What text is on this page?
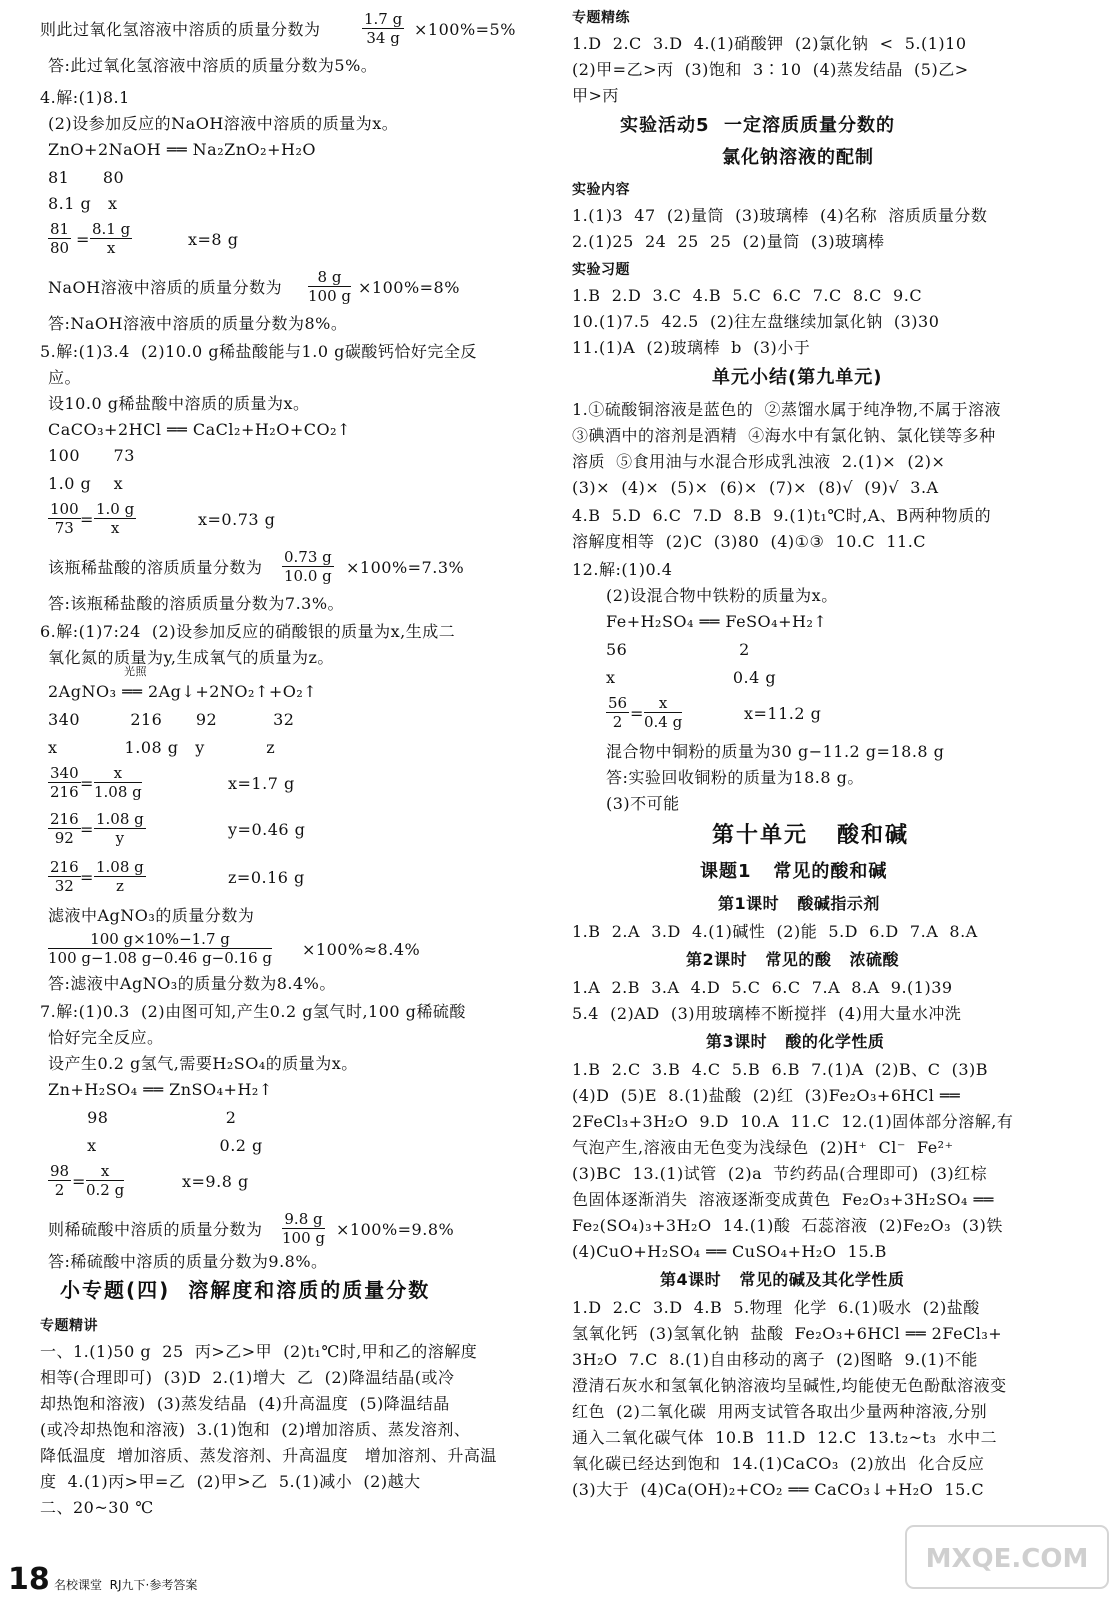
则此过氧化氢溶液中溶质的质量分数为	$\frac{1.7 g}{34 g} \times 100\%=5\%$
答:此过氧化氢溶液中溶质的质量分数为5%。
4.解:(1)8.1
(2)设参加反应的NaOH溶液中溶质的质量为x。
ZnO+2NaOH ══ Na₂ZnO₂+H₂O
81      80
8.1 g   x
$\frac{81}{80} = \frac{8.1 g}{x}$	x=8 g
NaOH溶液中溶质的质量分数为 $\frac{8 g}{100 g} \times 100\%=8\%$
答:NaOH溶液中溶质的质量分数为8%。
5.解:(1)3.4  (2)10.0 g稀盐酸能与1.0 g碳酸钙恰好完全反
应。
设10.0 g稀盐酸中溶质的质量为x。
CaCO₃+2HCl ══ CaCl₂+H₂O+CO₂↑
100      73
1.0 g    x
$\frac{100}{73} = \frac{1.0 g}{x}$	x=0.73 g
该瓶稀盐酸的溶质质量分数为 $\frac{0.73 g}{10.0 g} \times 100\%=7.3\%$
答:该瓶稀盐酸的溶质质量分数为7.3%。
6.解:(1)7:24  (2)设参加反应的硝酸银的质量为x,生成二
氧化氮的质量为y,生成氧气的质量为z。
光照
2AgNO₃ ══ 2Ag↓+2NO₂↑+O₂↑
340         216      92          32
x            1.08 g   y           z
$\frac{340}{216} = \frac{x}{1.08 g}$	x=1.7 g
$\frac{216}{92} = \frac{1.08 g}{y}$	y=0.46 g
$\frac{216}{32} = \frac{1.08 g}{z}$	z=0.16 g
滤液中AgNO₃的质量分数为
$\frac{100 g\times 10\%-1.7 g}{100 g-1.08 g-0.46 g-0.16 g} \times 100\%\approx 8.4\%$
答:滤液中AgNO₃的质量分数为8.4%。
7.解:(1)0.3  (2)由图可知,产生0.2 g氢气时,100 g稀硫酸
恰好完全反应。
设产生0.2 g氢气,需要H₂SO₄的质量为x。
Zn+H₂SO₄ ══ ZnSO₄+H₂↑
98                     2
x                      0.2 g
$\frac{98}{2} = \frac{x}{0.2 g}$	x=9.8 g
则稀硫酸中溶质的质量分数为 $\frac{9.8 g}{100 g} \times 100\%=9.8\%$
答:稀硫酸中溶质的质量分数为9.8%。
小专题(四)  溶解度和溶质的质量分数
专题精讲
一、1.(1)50 g  25  丙>乙>甲  (2)t₁℃时,甲和乙的溶解度
相等(合理即可)  (3)D  2.(1)增大  乙  (2)降温结晶(或冷
却热饱和溶液)  (3)蒸发结晶  (4)升高温度  (5)降温结晶
(或冷却热饱和溶液)  3.(1)饱和  (2)增加溶质、蒸发溶剂、
降低温度  增加溶质、蒸发溶剂、升高温度   增加溶剂、升高温
度  4.(1)丙>甲=乙  (2)甲>乙  5.(1)减小  (2)越大
二、20~30 ℃
专题精练
1.D  2.C  3.D  4.(1)硝酸钾  (2)氯化钠  <  5.(1)10
(2)甲=乙>丙  (3)饱和  3∶10  (4)蒸发结晶  (5)乙>
甲>丙
实验活动5  一定溶质质量分数的
氯化钠溶液的配制
实验内容
1.(1)3  47  (2)量筒  (3)玻璃棒  (4)名称  溶质质量分数
2.(1)25  24  25  25  (2)量筒  (3)玻璃棒
实验习题
1.B  2.D  3.C  4.B  5.C  6.C  7.C  8.C  9.C
10.(1)7.5  42.5  (2)往左盘继续加氯化钠  (3)30
11.(1)A  (2)玻璃棒  b  (3)小于
单元小结(第九单元)
1.①硫酸铜溶液是蓝色的  ②蒸馏水属于纯净物,不属于溶液
③碘酒中的溶剂是酒精  ④海水中有氯化钠、氯化镁等多种
溶质  ⑤食用油与水混合形成乳浊液  2.(1)×  (2)×
(3)×  (4)×  (5)×  (6)×  (7)×  (8)√  (9)√  3.A
4.B  5.D  6.C  7.D  8.B  9.(1)t₁℃时,A、B两种物质的
溶解度相等  (2)C  (3)80  (4)①③  10.C  11.C
12.解:(1)0.4
(2)设混合物中铁粉的质量为x。
Fe+H₂SO₄ ══ FeSO₄+H₂↑
56                    2
x                     0.4 g
$\frac{56}{2} = \frac{x}{0.4 g}$	x=11.2 g
混合物中铜粉的质量为30 g−11.2 g=18.8 g
答:实验回收铜粉的质量为18.8 g。
(3)不可能
第十单元   酸和碱
课题1   常见的酸和碱
第1课时   酸碱指示剂
1.B  2.A  3.D  4.(1)碱性  (2)能  5.D  6.D  7.A  8.A
第2课时   常见的酸   浓硫酸
1.A  2.B  3.A  4.D  5.C  6.C  7.A  8.A  9.(1)39
5.4  (2)AD  (3)用玻璃棒不断搅拌  (4)用大量水冲洗
第3课时   酸的化学性质
1.B  2.C  3.B  4.C  5.B  6.B  7.(1)A  (2)B、C  (3)B
(4)D  (5)E  8.(1)盐酸  (2)红  (3)Fe₂O₃+6HCl ══
2FeCl₃+3H₂O  9.D  10.A  11.C  12.(1)固体部分溶解,有
气泡产生,溶液由无色变为浅绿色  (2)H⁺  Cl⁻  Fe²⁺
(3)BC  13.(1)试管  (2)a  节约药品(合理即可)  (3)红棕
色固体逐渐消失  溶液逐渐变成黄色  Fe₂O₃+3H₂SO₄ ══
Fe₂(SO₄)₃+3H₂O  14.(1)酸  石蕊溶液  (2)Fe₂O₃  (3)铁
(4)CuO+H₂SO₄ ══ CuSO₄+H₂O  15.B
第4课时   常见的碱及其化学性质
1.D  2.C  3.D  4.B  5.物理  化学  6.(1)吸水  (2)盐酸
氢氧化钙  (3)氢氧化钠  盐酸  Fe₂O₃+6HCl ══ 2FeCl₃+
3H₂O  7.C  8.(1)自由移动的离子  (2)图略  9.(1)不能
澄清石灰水和氢氧化钠溶液均呈碱性,均能使无色酚酞溶液变
红色  (2)二氧化碳  用两支试管各取出少量两种溶液,分别
通入二氧化碳气体  10.B  11.D  12.C  13.t₂~t₃  水中二
氧化碳已经达到饱和  14.(1)CaCO₃  (2)放出  化合反应
(3)大于  (4)Ca(OH)₂+CO₂ ══ CaCO₃↓+H₂O  15.C
18 名校课堂  RJ九下·参考答案
MXQE.COM
